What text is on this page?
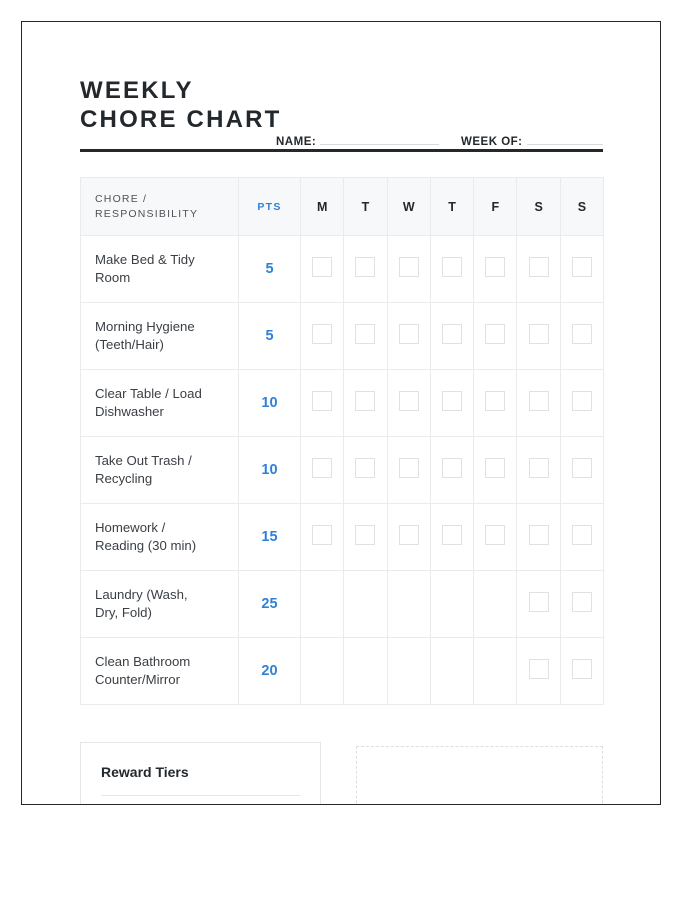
WEEKLY
CHORE CHART
NAME:	WEEK OF:
CHORE /
RESPONSIBILITY	PTS	M	T	W	T	F	S	S

Make Bed & Tidy
Room	5							

Morning Hygiene
(Teeth/Hair)	5							

Clear Table / Load
Dishwasher	10							

Take Out Trash /
Recycling	10							

Homework /
Reading (30 min)	15							

Laundry (Wash,
Dry, Fold)	25							

Clean Bathroom
Counter/Mirror	20							
Reward Tiers
